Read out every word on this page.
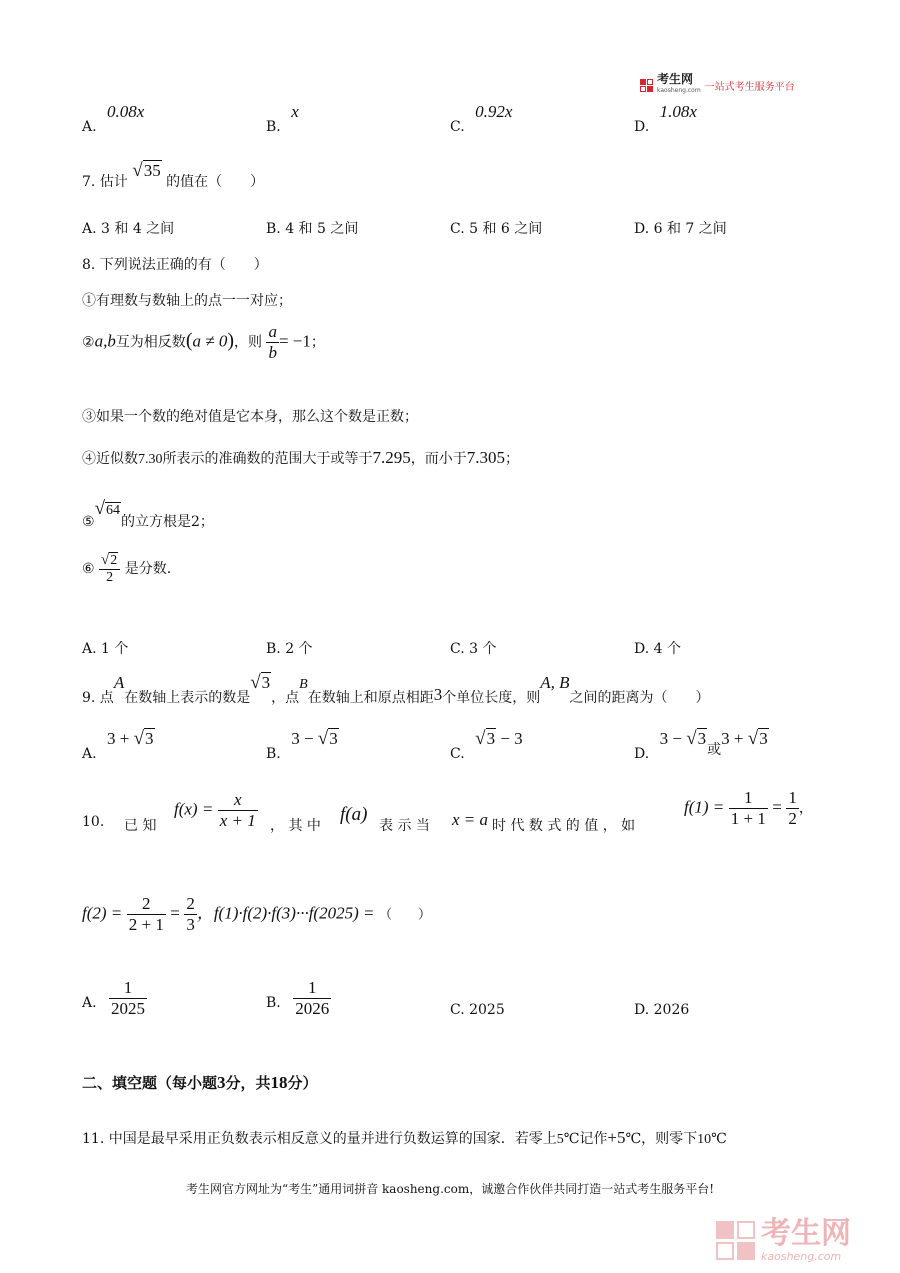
考生网
kaosheng.com 一站式考生服务平台
A. 0.08x
B. x
C. 0.92x
D. 1.08x
7. 估计 √35 的值在（　　）
A. 3 和 4 之间	B. 4 和 5 之间	C. 5 和 6 之间	D. 6 和 7 之间
8. 下列说法正确的有（　　）
①有理数与数轴上的点一一对应；
②a,b互为相反数(a ≠ 0)，则 $\frac{a}{b} = -1$；
③如果一个数的绝对值是它本身，那么这个数是正数；
④近似数7.30所表示的准确数的范围大于或等于7.295，而小于7.305；
⑤√64的立方根是2；
⑥ $\frac{√2}{2}$ 是分数.
A. 1 个	B. 2 个	C. 3 个	D. 4 个
9. 点A在数轴上表示的数是√3，点B在数轴上和原点相距3个单位长度，则A, B之间的距离为（　　）
A. 3 + √3
B. 3 − √3
C. √3 − 3
D. 3 − √3或3 + √3
10. 已 知
$f(x) = \frac{x}{x + 1}$ ， 其 中
f(a)
表 示 当 x = a 时 代 数 式 的 值 ， 如
$f(1) = \frac{1}{1 + 1} = \frac{1}{2}$ ，
$f(2) = \frac{2}{2 + 1} = \frac{2}{3}$ ，f(1)·f(2)·f(3)···f(2025) = （　　）
A. $\frac{1}{2025}$	B. $\frac{1}{2026}$	C. 2025	D. 2026
二、填空题（每小题3分，共18分）
11. 中国是最早采用正负数表示相反意义的量并进行负数运算的国家．若零上5℃记作+5℃，则零下10℃
考生网官方网址为“考生”通用词拼音 kaosheng.com，诚邀合作伙伴共同打造一站式考生服务平台!
考生网
kaosheng.com
